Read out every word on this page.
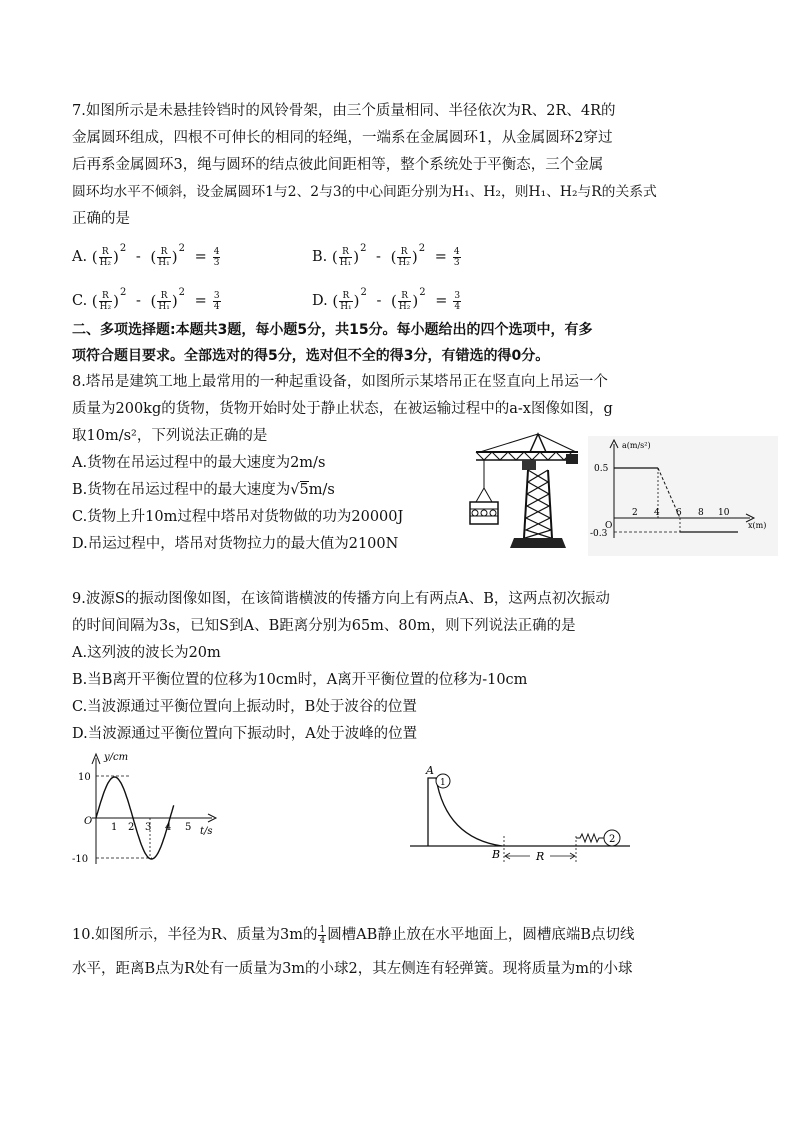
7.如图所示是未悬挂铃铛时的风铃骨架，由三个质量相同、半径依次为R、2R、4R的
金属圆环组成，四根不可伸长的相同的轻绳，一端系在金属圆环1，从金属圆环2穿过
后再系金属圆环3，绳与圆环的结点彼此间距相等，整个系统处于平衡态，三个金属
圆环均水平不倾斜，设金属圆环1与2、2与3的中心间距分别为H₁、H₂，则H₁、H₂与R的关系式
正确的是
A. ( $\frac{R}{\text{H₂}} )^2$ - ( $\frac{R}{\text{H₁}} )^2 = \frac{4}{3}$	B. ( $\frac{R}{\text{H₁}} )^2$ - ( $\frac{R}{\text{H₂}} )^2 = \frac{4}{3}$
C. ( $\frac{R}{\text{H₂}} )^2$ - ( $\frac{R}{\text{H₁}} )^2 = \frac{3}{4}$	D. ( $\frac{R}{\text{H₁}} )^2$ - ( $\frac{R}{\text{H₂}} )^2 = \frac{3}{4}$
二、多项选择题:本题共3题，每小题5分，共15分。每小题给出的四个选项中，有多
项符合题目要求。全部选对的得5分，选对但不全的得3分，有错选的得0分。
8.塔吊是建筑工地上最常用的一种起重设备，如图所示某塔吊正在竖直向上吊运一个
质量为200kg的货物，货物开始时处于静止状态，在被运输过程中的a-x图像如图，g
取10m/s²，下列说法正确的是
A.货物在吊运过程中的最大速度为2m/s
B.货物在吊运过程中的最大速度为√5m/s
C.货物上升10m过程中塔吊对货物做的功为20000J
D.吊运过程中，塔吊对货物拉力的最大值为2100N
a(m/s²)
0.5
O
-0.3
2 4 6 8 10
x(m)
9.波源S的振动图像如图，在该简谐横波的传播方向上有两点A、B，这两点初次振动
的时间间隔为3s，已知S到A、B距离分别为65m、80m，则下列说法正确的是
A.这列波的波长为20m
B.当B离开平衡位置的位移为10cm时，A离开平衡位置的位移为-10cm
C.当波源通过平衡位置向上振动时，B处于波谷的位置
D.当波源通过平衡位置向下振动时，A处于波峰的位置
y/cm
10
O
-10
1 2 3 4 5 t/s
1
A
B	R
2
10.如图所示，半径为R、质量为3m的 $\frac{1}{4}$ 圆槽AB静止放在水平地面上，圆槽底端B点切线
水平，距离B点为R处有一质量为3m的小球2，其左侧连有轻弹簧。现将质量为m的小球
